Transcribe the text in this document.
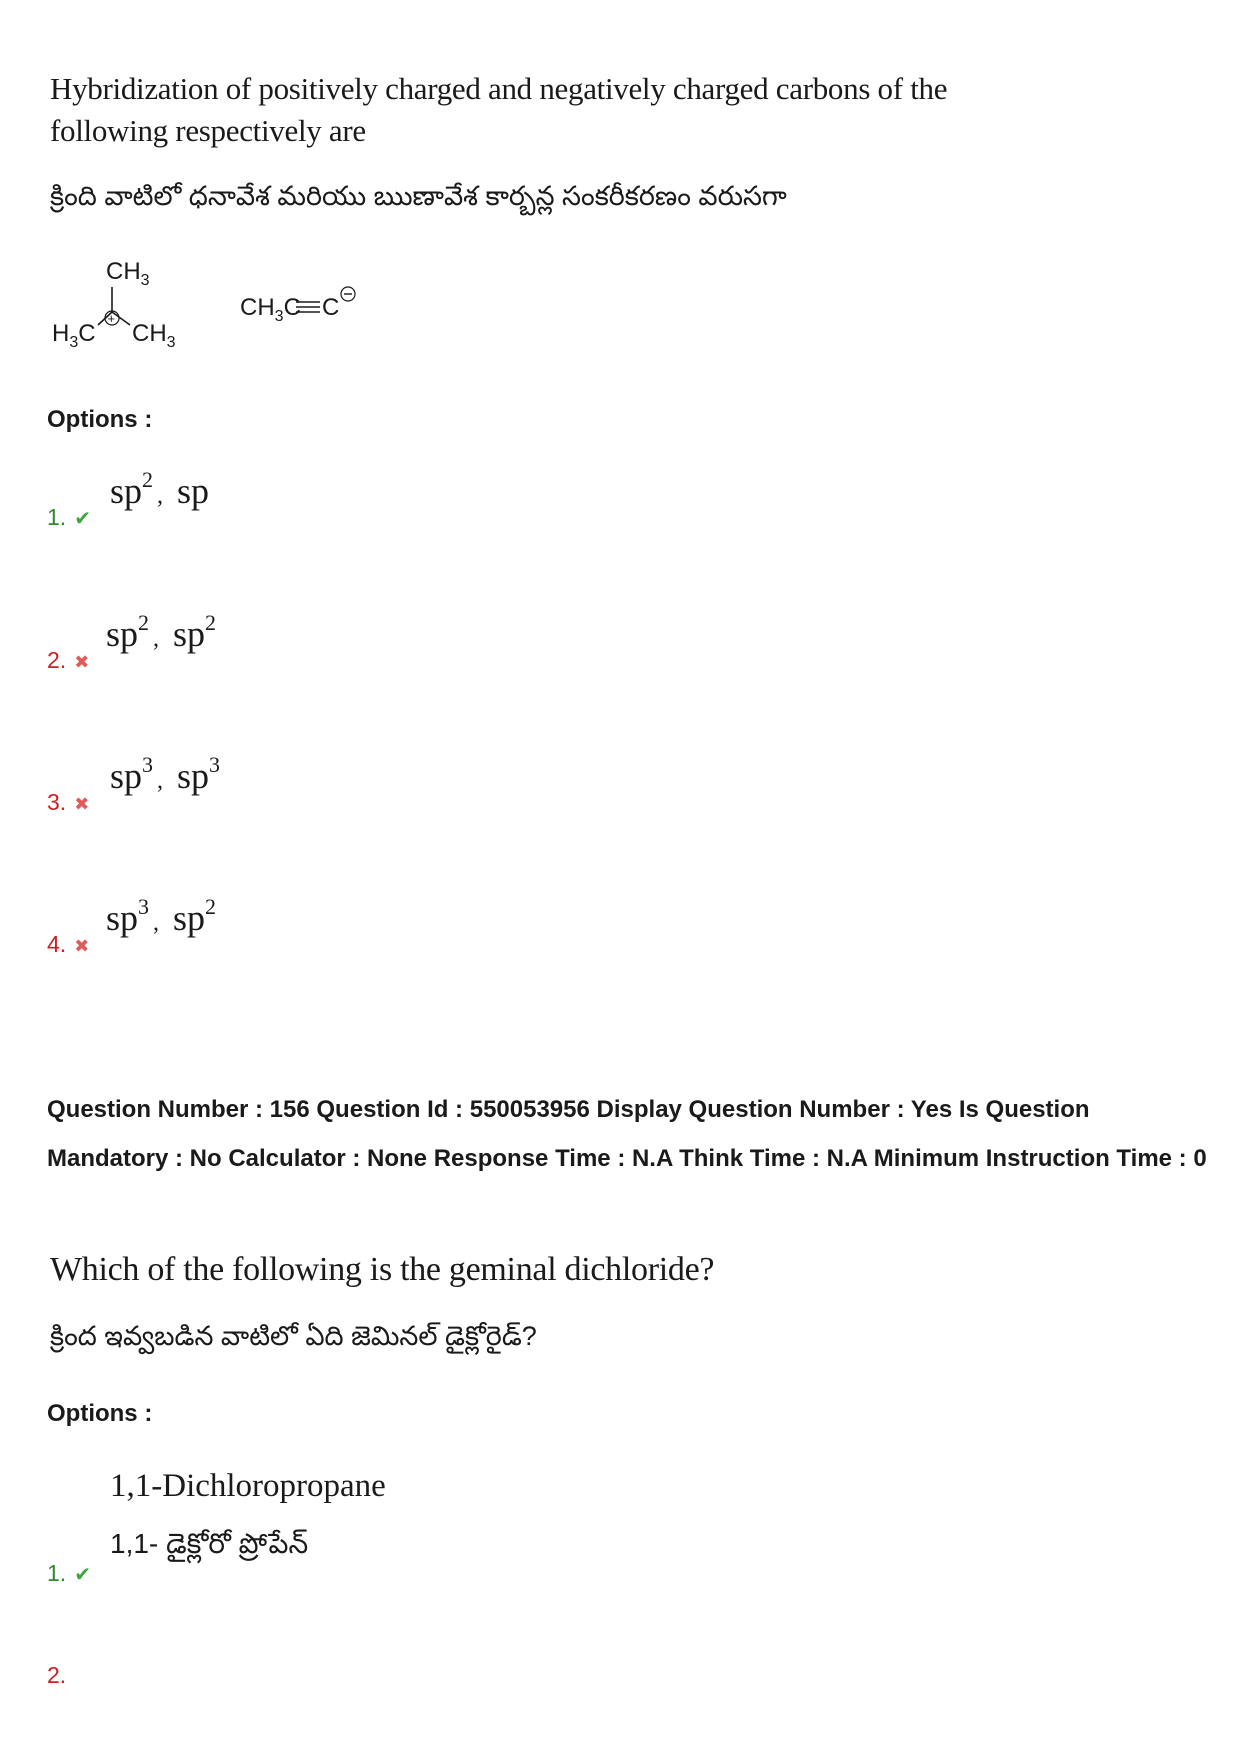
Hybridization of positively charged and negatively charged carbons of the following respectively are
క్రింది వాటిలో ధనావేశ మరియు ఋణావేశ కార్బన్ల సంకరీకరణం వరుసగా
$CH_3$
+
$H_3C$ $CH_3$
$CH_3C$ C
Options :
1. ✔
$sp^2$, sp
2. ✖
$sp^2$, $sp^2$
3. ✖
$sp^3$, $sp^3$
4. ✖
$sp^3$, $sp^2$
Question Number : 156 Question Id : 550053956 Display Question Number : Yes Is Question Mandatory : No Calculator : None Response Time : N.A Think Time : N.A Minimum Instruction Time : 0
Which of the following is the geminal dichloride?
క్రింద ఇవ్వబడిన వాటిలో ఏది జెమినల్ డైక్లోరైడ్?
Options :
1,1-Dichloropropane
1,1- డైక్లోరో ప్రోపేన్
1. ✔
2.
